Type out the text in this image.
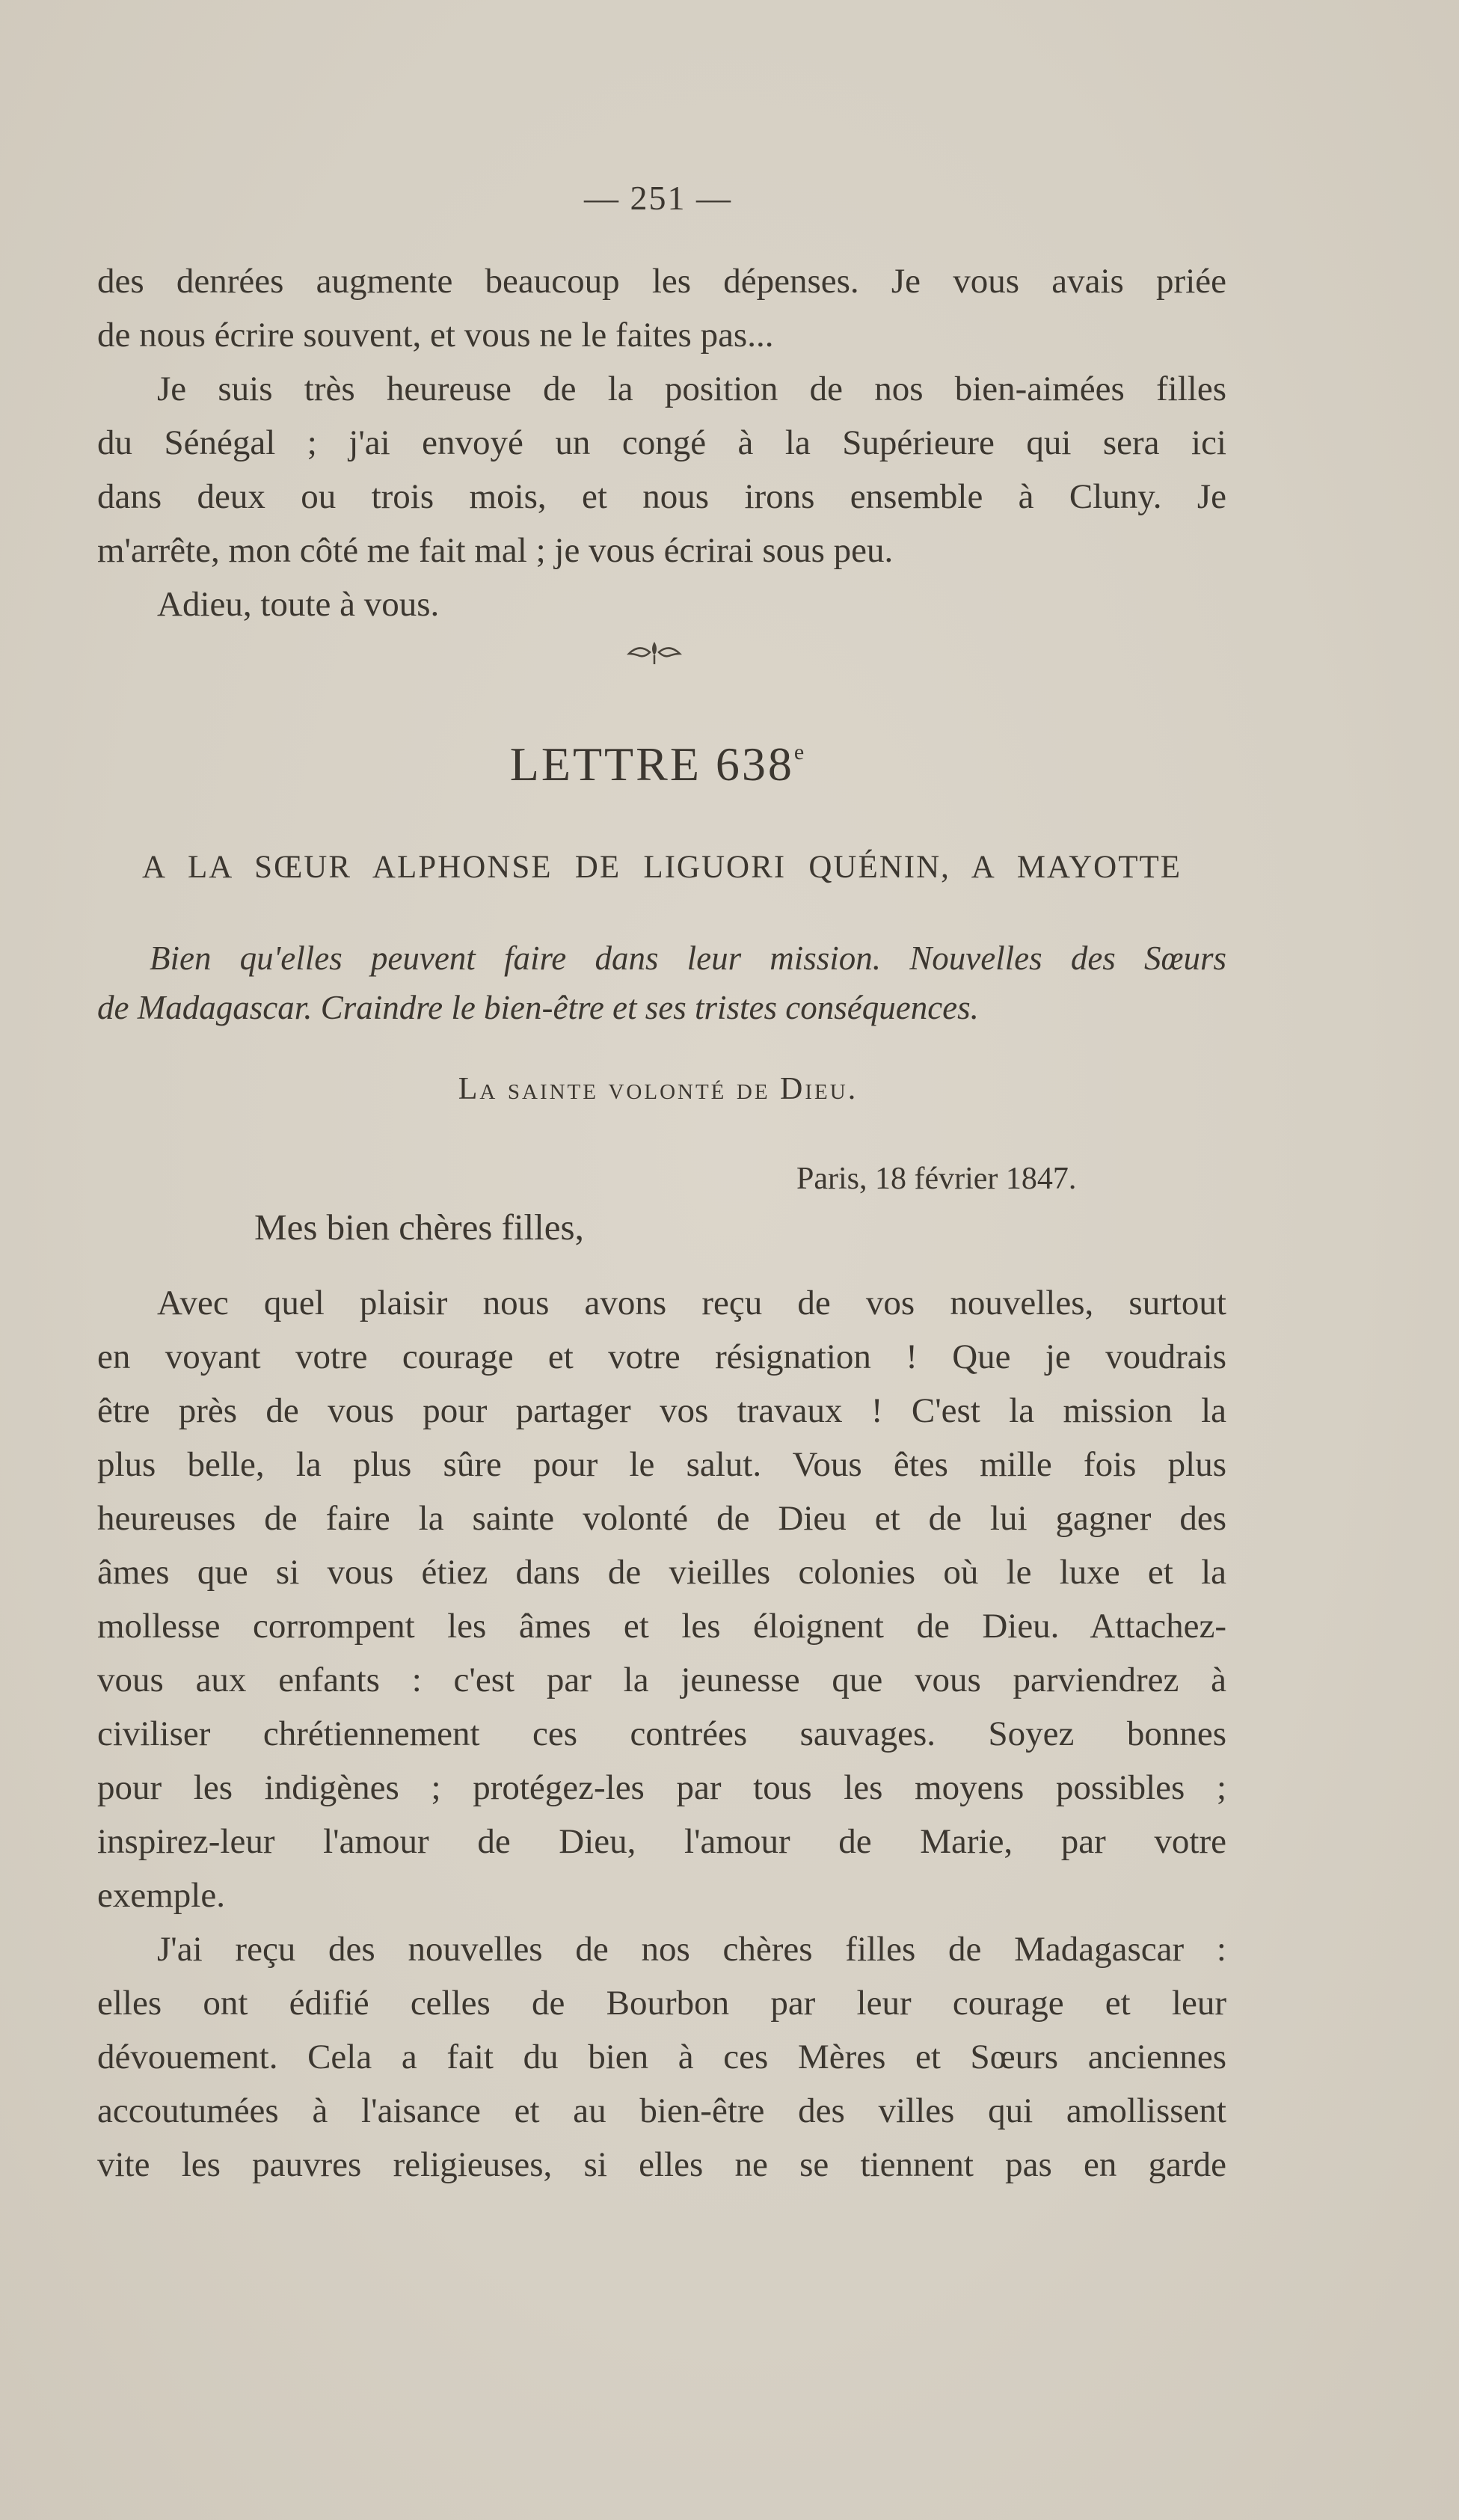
— 251 —
des denrées augmente beaucoup les dépenses. Je vous avais priée
de nous écrire souvent, et vous ne le faites pas...
Je suis très heureuse de la position de nos bien-aimées filles
du Sénégal ; j'ai envoyé un congé à la Supérieure qui sera ici
dans deux ou trois mois, et nous irons ensemble à Cluny. Je
m'arrête, mon côté me fait mal ; je vous écrirai sous peu.
Adieu, toute à vous.
LETTRE 638e
A LA SŒUR ALPHONSE DE LIGUORI QUÉNIN, A MAYOTTE
Bien qu'elles peuvent faire dans leur mission. Nouvelles des Sœurs
de Madagascar. Craindre le bien-être et ses tristes conséquences.
La sainte volonté de Dieu.
Paris, 18 février 1847.
Mes bien chères filles,
Avec quel plaisir nous avons reçu de vos nouvelles, surtout
en voyant votre courage et votre résignation ! Que je voudrais
être près de vous pour partager vos travaux ! C'est la mission la
plus belle, la plus sûre pour le salut. Vous êtes mille fois plus
heureuses de faire la sainte volonté de Dieu et de lui gagner des
âmes que si vous étiez dans de vieilles colonies où le luxe et la
mollesse corrompent les âmes et les éloignent de Dieu. Attachez-
vous aux enfants : c'est par la jeunesse que vous parviendrez à
civiliser chrétiennement ces contrées sauvages. Soyez bonnes
pour les indigènes ; protégez-les par tous les moyens possibles ;
inspirez-leur l'amour de Dieu, l'amour de Marie, par votre
exemple.
J'ai reçu des nouvelles de nos chères filles de Madagascar :
elles ont édifié celles de Bourbon par leur courage et leur
dévouement. Cela a fait du bien à ces Mères et Sœurs anciennes
accoutumées à l'aisance et au bien-être des villes qui amollissent
vite les pauvres religieuses, si elles ne se tiennent pas en garde
